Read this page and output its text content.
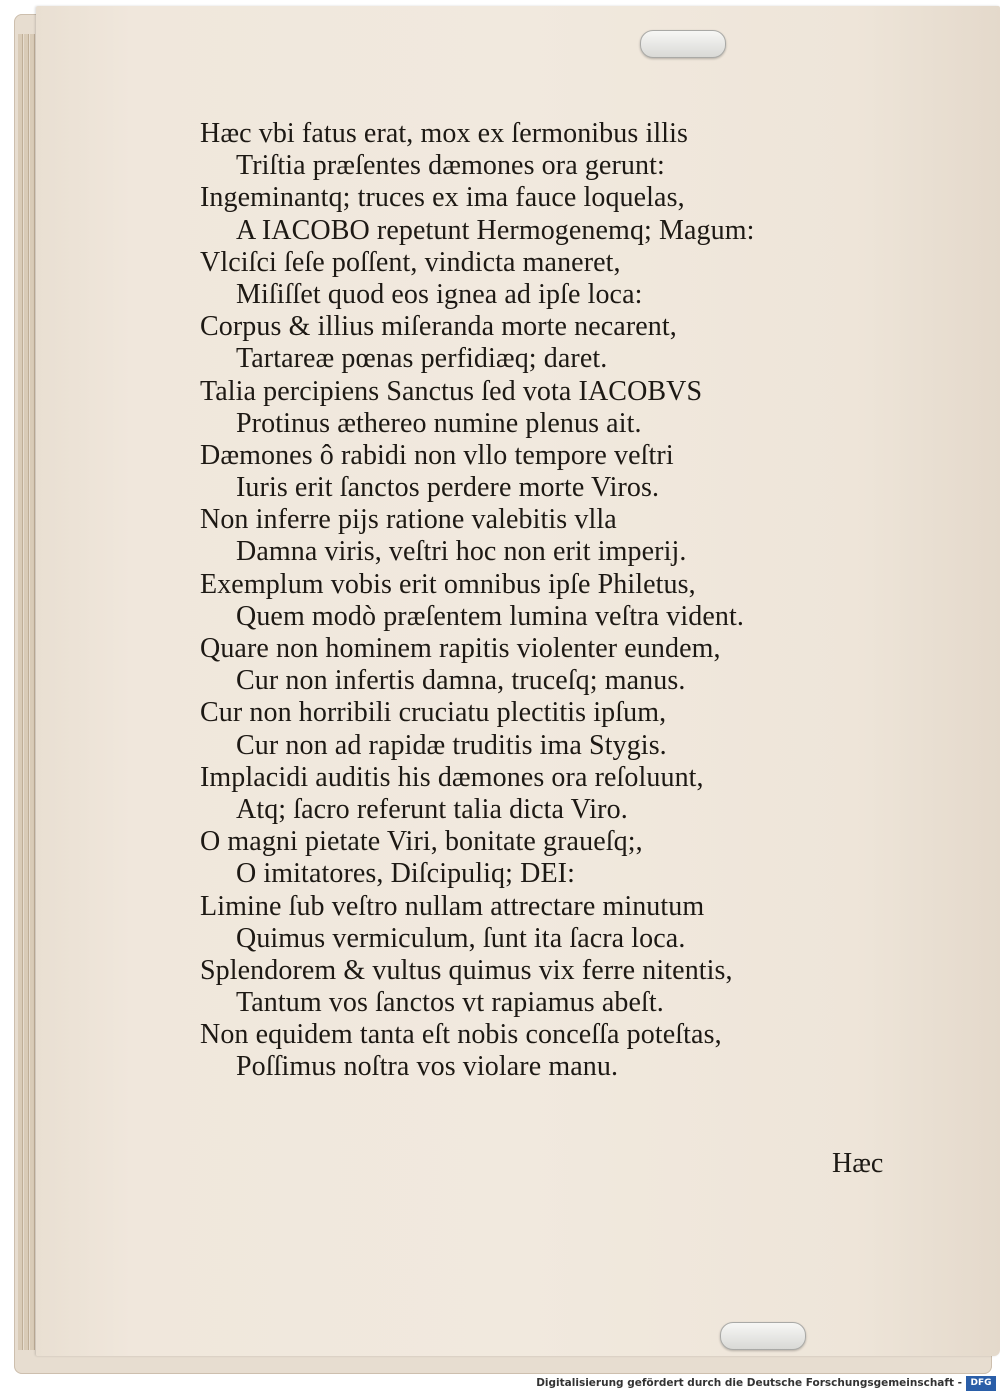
Hæc vbi fatus erat, mox ex ſermonibus illis
Triſtia præſentes dæmones ora gerunt:
Ingeminantq; truces ex ima fauce loquelas,
A IACOBO repetunt Hermogenemq; Magum:
Vlciſci ſeſe poſſent, vindicta maneret,
Miſiſſet quod eos ignea ad ipſe loca:
Corpus & illius miſeranda morte necarent,
Tartareæ pœnas perfidiæq; daret.
Talia percipiens Sanctus ſed vota IACOBVS
Protinus æthereo numine plenus ait.
Dæmones ô rabidi non vllo tempore veſtri
Iuris erit ſanctos perdere morte Viros.
Non inferre pijs ratione valebitis vlla
Damna viris, veſtri hoc non erit imperij.
Exemplum vobis erit omnibus ipſe Philetus,
Quem modò præſentem lumina veſtra vident.
Quare non hominem rapitis violenter eundem,
Cur non infertis damna, truceſq; manus.
Cur non horribili cruciatu plectitis ipſum,
Cur non ad rapidæ truditis ima Stygis.
Implacidi auditis his dæmones ora reſoluunt,
Atq; ſacro referunt talia dicta Viro.
O magni pietate Viri, bonitate graueſq;,
O imitatores, Diſcipuliq; DEI:
Limine ſub veſtro nullam attrectare minutum
Quimus vermiculum, ſunt ita ſacra loca.
Splendorem & vultus quimus vix ferre nitentis,
Tantum vos ſanctos vt rapiamus abeſt.
Non equidem tanta eſt nobis conceſſa poteſtas,
Poſſimus noſtra vos violare manu.
Hæc
Digitalisierung gefördert durch die Deutsche Forschungsgemeinschaft - DFG
